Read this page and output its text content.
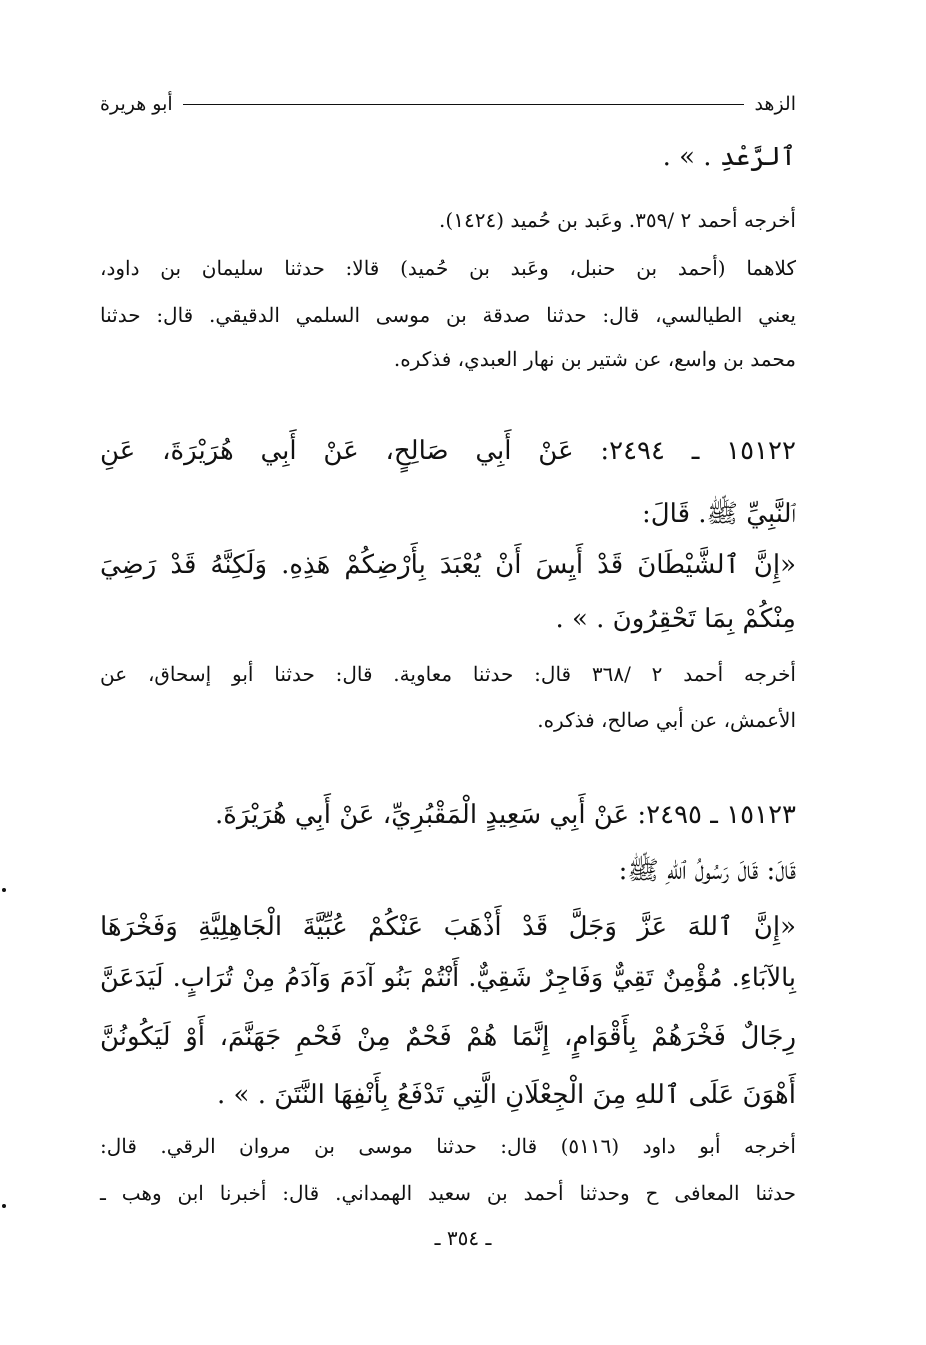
الزهد
أبو هريرة
ٱلرَّعْدِ . » .
أخرجه أحمد ٢ /٣٥٩. وعَبد بن حُميد (١٤٢٤).
كلاهما (أحمد بن حنبل، وعَبد بن حُميد) قالا: حدثنا سليمان بن داود،
يعني الطيالسي، قال: حدثنا صدقة بن موسى السلمي الدقيقي. قال: حدثنا
محمد بن واسع، عن شتير بن نهار العبدي، فذكره.
١٥١٢٢ ـ ٢٤٩٤: عَنْ أَبِي صَالِحٍ، عَنْ أَبِي هُرَيْرَةَ، عَنِ
ٱلنَّبِيِّ ﷺ. قَالَ:
«إِنَّ ٱلشَّيْطَانَ قَدْ أَيِسَ أَنْ يُعْبَدَ بِأَرْضِكُمْ هَذِهِ. وَلَكِنَّهُ قَدْ رَضِيَ
مِنْكُمْ بِمَا تَحْقِرُونَ . » .
أخرجه أحمد ٢ /٣٦٨ قال: حدثنا معاوية. قال: حدثنا أبو إسحاق، عن
الأعمش، عن أبي صالح، فذكره.
١٥١٢٣ ـ ٢٤٩٥: عَنْ أَبِي سَعِيدٍ الْمَقْبُرِيِّ، عَنْ أَبِي هُرَيْرَةَ.
قَالَ: قَالَ رَسُولُ ٱللهِ ﷺ:
«إِنَّ ٱللهَ عَزَّ وَجَلَّ قَدْ أَذْهَبَ عَنْكُمْ عُبِّيَّةَ الْجَاهِلِيَّةِ وَفَخْرَهَا
بِالآبَاءِ. مُؤْمِنٌ تَقِيٌّ وَفَاجِرٌ شَقِيٌّ. أَنْتُمْ بَنُو آدَمَ وَآدَمُ مِنْ تُرَابٍ. لَيَدَعَنَّ
رِجَالٌ فَخْرَهُمْ بِأَقْوَامٍ، إِنَّمَا هُمْ فَحْمٌ مِنْ فَحْمِ جَهَنَّمَ، أَوْ لَيَكُونُنَّ
أَهْوَنَ عَلَى ٱللهِ مِنَ الْجِعْلَانِ الَّتِي تَدْفَعُ بِأَنْفِهَا النَّتَنَ . » .
أخرجه أبو داود (٥١١٦) قال: حدثنا موسى بن مروان الرقي. قال:
حدثنا المعافى ح وحدثنا أحمد بن سعيد الهمداني. قال: أخبرنا ابن وهب ـ
ـ ٣٥٤ ـ
